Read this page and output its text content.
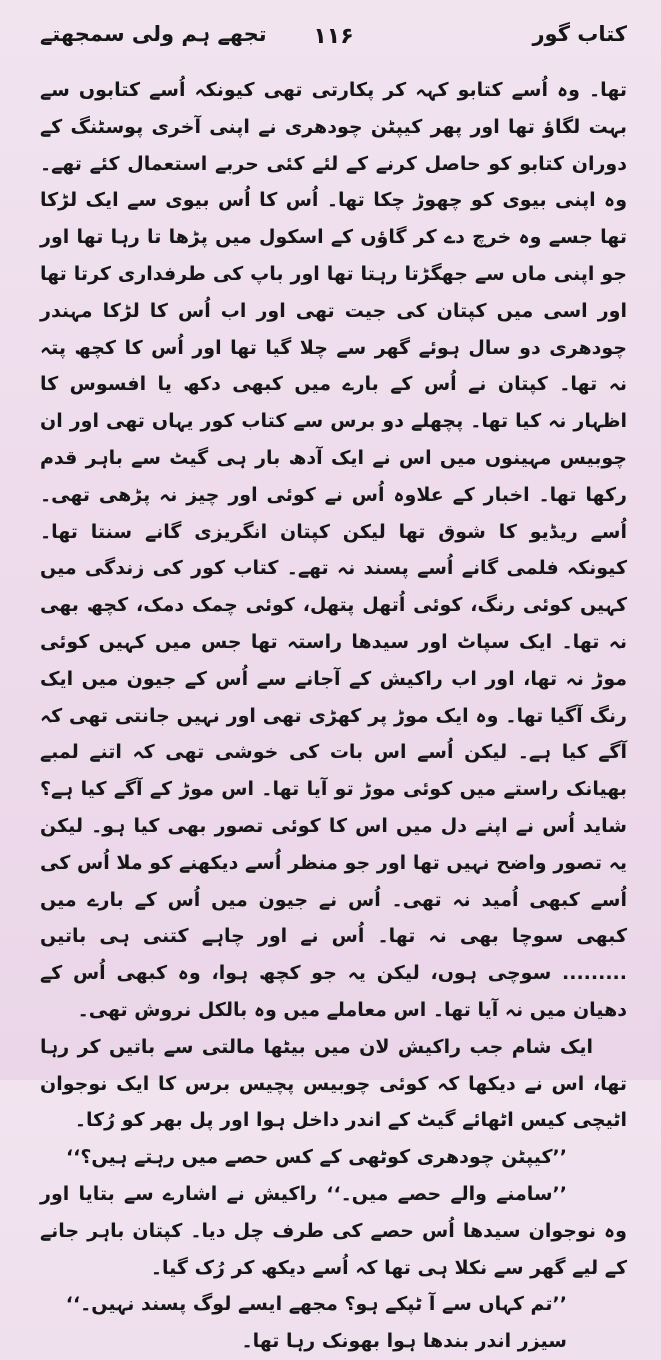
کتاب گور
۱۱۶
تجھے ہم ولی سمجھتے

تھا۔ وہ اُسے کتابو کہہ کر پکارتی تھی کیونکہ اُسے کتابوں سے بہت لگاؤ تھا اور پھر کیپٹن چودھری نے اپنی آخری پوسٹنگ کے دوران کتابو کو حاصل کرنے کے لئے کئی حربے استعمال کئے تھے۔ وہ اپنی بیوی کو چھوڑ چکا تھا۔ اُس کا اُس بیوی سے ایک لڑکا تھا جسے وہ خرچ دے کر گاؤں کے اسکول میں پڑھا تا رہا تھا اور جو اپنی ماں سے جھگڑتا رہتا تھا اور باپ کی طرفداری کرتا تھا اور اسی میں کپتان کی جیت تھی اور اب اُس کا لڑکا مہندر چودھری دو سال ہوئے گھر سے چلا گیا تھا اور اُس کا کچھ پتہ نہ تھا۔ کپتان نے اُس کے بارے میں کبھی دکھ یا افسوس کا اظہار نہ کیا تھا۔ پچھلے دو برس سے کتاب کور یہاں تھی اور ان چوبیس مہینوں میں اس نے ایک آدھ بار ہی گیٹ سے باہر قدم رکھا تھا۔ اخبار کے علاوہ اُس نے کوئی اور چیز نہ پڑھی تھی۔ اُسے ریڈیو کا شوق تھا لیکن کپتان انگریزی گانے سنتا تھا۔ کیونکہ فلمی گانے اُسے پسند نہ تھے۔ کتاب کور کی زندگی میں کہیں کوئی رنگ، کوئی اُتھل پتھل، کوئی چمک دمک، کچھ بھی نہ تھا۔ ایک سپاٹ اور سیدھا راستہ تھا جس میں کہیں کوئی موڑ نہ تھا، اور اب راکیش کے آجانے سے اُس کے جیون میں ایک رنگ آگیا تھا۔ وہ ایک موڑ پر کھڑی تھی اور نہیں جانتی تھی کہ آگے کیا ہے۔ لیکن اُسے اس بات کی خوشی تھی کہ اتنے لمبے بھیانک راستے میں کوئی موڑ تو آیا تھا۔ اس موڑ کے آگے کیا ہے؟ شاید اُس نے اپنے دل میں اس کا کوئی تصور بھی کیا ہو۔ لیکن یہ تصور واضح نہیں تھا اور جو منظر اُسے دیکھنے کو ملا اُس کی اُسے کبھی اُمید نہ تھی۔ اُس نے جیون میں اُس کے بارے میں کبھی سوچا بھی نہ تھا۔ اُس نے اور چاہے کتنی ہی باتیں ......... سوچی ہوں، لیکن یہ جو کچھ ہوا، وہ کبھی اُس کے دھیان میں نہ آیا تھا۔ اس معاملے میں وہ بالکل نروش تھی۔

ایک شام جب راکیش لان میں بیٹھا مالتی سے باتیں کر رہا تھا، اس نے دیکھا کہ کوئی چوبیس پچیس برس کا ایک نوجوان اٹیچی کیس اٹھائے گیٹ کے اندر داخل ہوا اور پل بھر کو رُکا۔

’’کیپٹن چودھری کوٹھی کے کس حصے میں رہتے ہیں؟‘‘

’’سامنے والے حصے میں۔‘‘ راکیش نے اشارے سے بتایا اور وہ نوجوان سیدھا اُس حصے کی طرف چل دیا۔ کپتان باہر جانے کے لیے گھر سے نکلا ہی تھا کہ اُسے دیکھ کر رُک گیا۔

’’تم کہاں سے آ ٹپکے ہو؟ مجھے ایسے لوگ پسند نہیں۔‘‘

سیزر اندر بندھا ہوا بھونک رہا تھا۔
